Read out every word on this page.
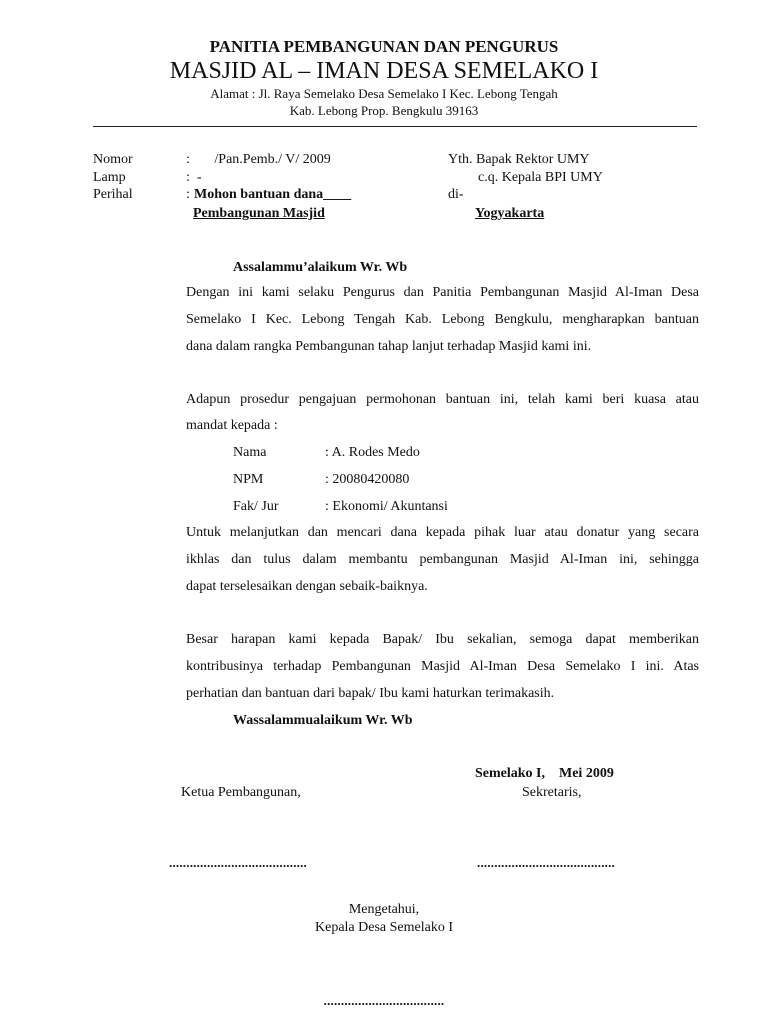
PANITIA PEMBANGUNAN DAN PENGURUS
MASJID AL – IMAN DESA SEMELAKO I
Alamat : Jl. Raya Semelako Desa Semelako I Kec. Lebong Tengah
Kab. Lebong Prop. Bengkulu 39163
Nomor	:       /Pan.Pemb./ V/ 2009
Lamp	:  -
Perihal	: Mohon bantuan dana____
Pembangunan Masjid
Yth. Bapak Rektor UMY
c.q. Kepala BPI UMY
di-
Yogyakarta
Assalammu’alaikum Wr. Wb
Dengan ini kami selaku Pengurus dan Panitia Pembangunan Masjid Al-Iman Desa
Semelako I Kec. Lebong Tengah Kab. Lebong Bengkulu, mengharapkan bantuan
dana dalam rangka Pembangunan tahap lanjut terhadap Masjid kami ini.
Adapun prosedur pengajuan permohonan bantuan ini, telah kami beri kuasa atau
mandat kepada :
Nama	: A. Rodes Medo
NPM	: 20080420080
Fak/ Jur	: Ekonomi/ Akuntansi
Untuk melanjutkan dan mencari dana kepada pihak luar atau donatur yang secara
ikhlas dan tulus dalam membantu pembangunan Masjid Al-Iman ini, sehingga
dapat terselesaikan dengan sebaik-baiknya.
Besar harapan kami kepada Bapak/ Ibu sekalian, semoga dapat memberikan
kontribusinya terhadap Pembangunan Masjid Al-Iman Desa Semelako I ini. Atas
perhatian dan bantuan dari bapak/ Ibu kami haturkan terimakasih.
Wassalammualaikum Wr. Wb
Semelako I,    Mei 2009
Ketua Pembangunan,	Sekretaris,
........................................	........................................
Mengetahui,
Kepala Desa Semelako I
...................................
